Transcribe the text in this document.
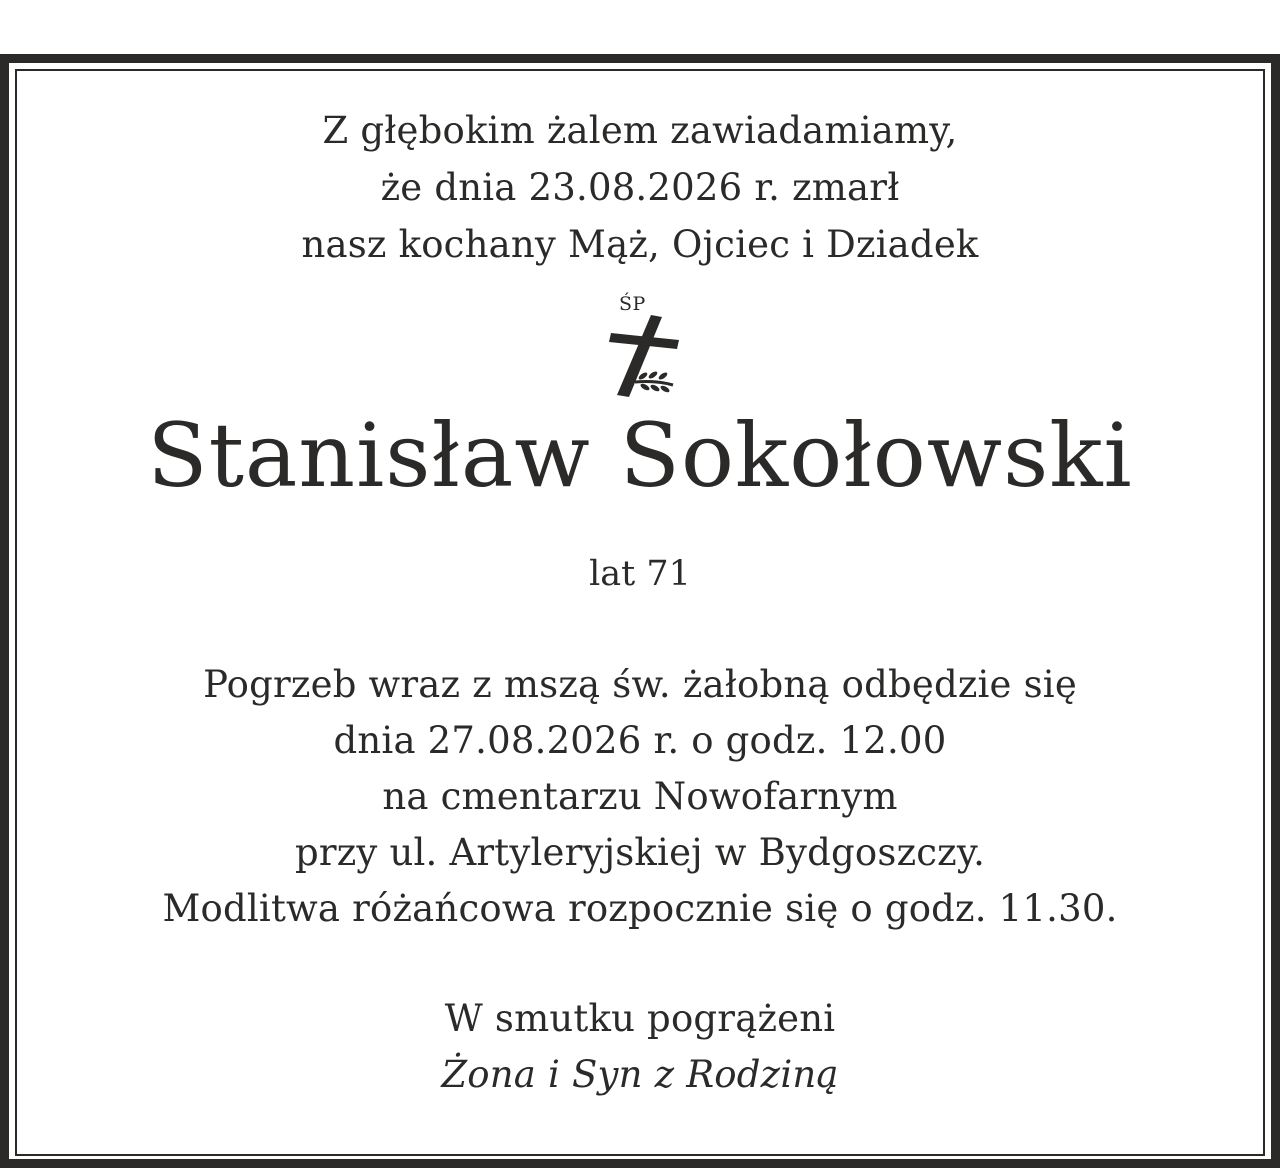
Z głębokim żalem zawiadamiamy,
że dnia 23.08.2026 r. zmarł
nasz kochany Mąż, Ojciec i Dziadek
ŚP
Stanisław Sokołowski
lat 71
Pogrzeb wraz z mszą św. żałobną odbędzie się
dnia 27.08.2026 r. o godz. 12.00
na cmentarzu Nowofarnym
przy ul. Artyleryjskiej w Bydgoszczy.
Modlitwa różańcowa rozpocznie się o godz. 11.30.
W smutku pogrążeni
Żona i Syn z Rodziną
